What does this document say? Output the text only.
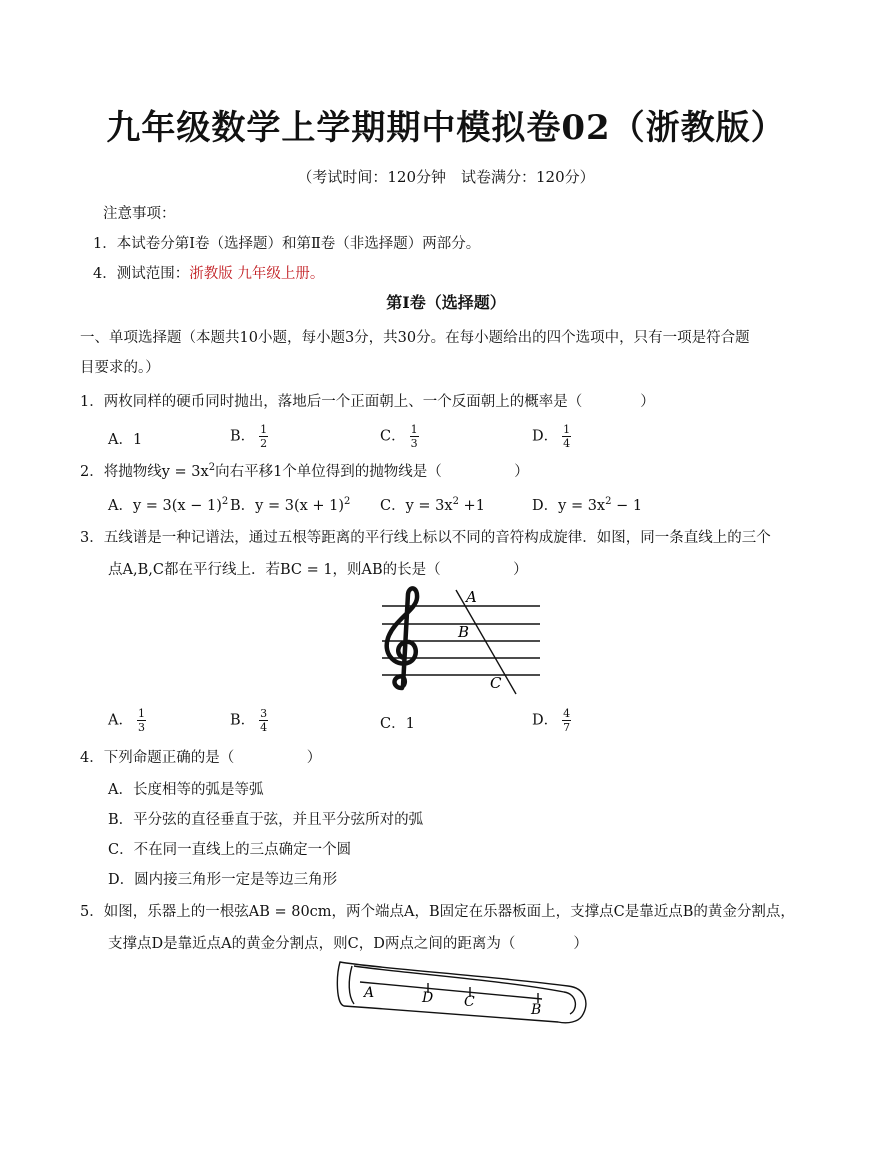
九年级数学上学期期中模拟卷02（浙教版）
（考试时间：120分钟　试卷满分：120分）
注意事项：
1．本试卷分第Ⅰ卷（选择题）和第Ⅱ卷（非选择题）两部分。
4．测试范围：浙教版 九年级上册。
第Ⅰ卷（选择题）
一、单项选择题（本题共10小题，每小题3分，共30分。在每小题给出的四个选项中，只有一项是符合题
目要求的。）
1．两枚同样的硬币同时抛出，落地后一个正面朝上、一个反面朝上的概率是（　　　　）
A．1	B． $\frac{1}{2}$	C． $\frac{1}{3}$	D． $\frac{1}{4}$
2．将抛物线$y = 3x^2$向右平移1个单位得到的抛物线是（　　　　　）
A．$y = 3(x - 1)^2$ B．$y = 3(x + 1)^2$ C．$y = 3x^2 +1$	D．$y = 3x^2 - 1$
3．五线谱是一种记谱法，通过五根等距离的平行线上标以不同的音符构成旋律．如图，同一条直线上的三个
点A,B,C都在平行线上．若BC = 1，则AB的长是（　　　　　）
A
B
C
A． $\frac{1}{3}$	B． $\frac{3}{4}$	C．1	D． $\frac{4}{7}$
4．下列命题正确的是（　　　　　）
A．长度相等的弧是等弧
B．平分弦的直径垂直于弦，并且平分弦所对的弧
C．不在同一直线上的三点确定一个圆
D．圆内接三角形一定是等边三角形
5．如图，乐器上的一根弦AB = 80cm，两个端点A，B固定在乐器板面上，支撑点C是靠近点B的黄金分割点，
支撑点D是靠近点A的黄金分割点，则C，D两点之间的距离为（　　　　）
A	D C	B
